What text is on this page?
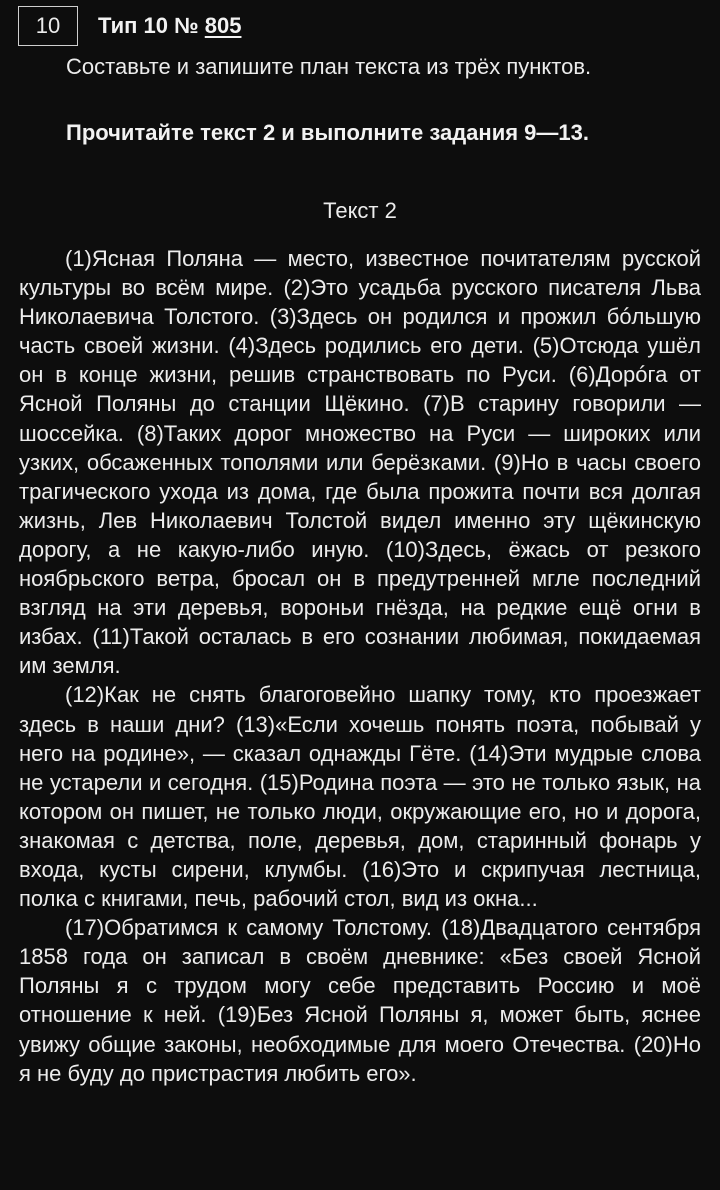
10	Тип 10 № 805
Составьте и запишите план текста из трёх пунктов.
Прочитайте текст 2 и выполните задания 9—13.
Текст 2

(1)Ясная Поляна — место, известное почитателям русской культуры во всём мире. (2)Это усадьба русского писателя Льва Николаевича Толстого. (3)Здесь он родился и прожил бóльшую часть своей жизни. (4)Здесь родились его дети. (5)Отсюда ушёл он в конце жизни, решив странствовать по Руси. (6)Дорóга от Ясной Поляны до станции Щёкино. (7)В старину говорили — шоссейка. (8)Таких дорог множество на Руси — широких или узких, обсаженных тополями или берёзками. (9)Но в часы своего трагического ухода из дома, где была прожита почти вся долгая жизнь, Лев Николаевич Толстой видел именно эту щёкинскую дорогу, а не какую-либо иную. (10)Здесь, ёжась от резкого ноябрьского ветра, бросал он в предутренней мгле последний взгляд на эти деревья, вороньи гнёзда, на редкие ещё огни в избах. (11)Такой осталась в его сознании любимая, покидаемая им земля.

(12)Как не снять благоговейно шапку тому, кто проезжает здесь в наши дни? (13)«Если хочешь понять поэта, побывай у него на родине», — сказал однажды Гёте. (14)Эти мудрые слова не устарели и сегодня. (15)Родина поэта — это не только язык, на котором он пишет, не только люди, окружающие его, но и дорога, знакомая с детства, поле, деревья, дом, старинный фонарь у входа, кусты сирени, клумбы. (16)Это и скрипучая лестница, полка с книгами, печь, рабочий стол, вид из окна...

(17)Обратимся к самому Толстому. (18)Двадцатого сентября 1858 года он записал в своём дневнике: «Без своей Ясной Поляны я с трудом могу себе представить Россию и моё отношение к ней. (19)Без Ясной Поляны я, может быть, яснее увижу общие законы, необходимые для моего Отечества. (20)Но я не буду до пристрастия любить его».
